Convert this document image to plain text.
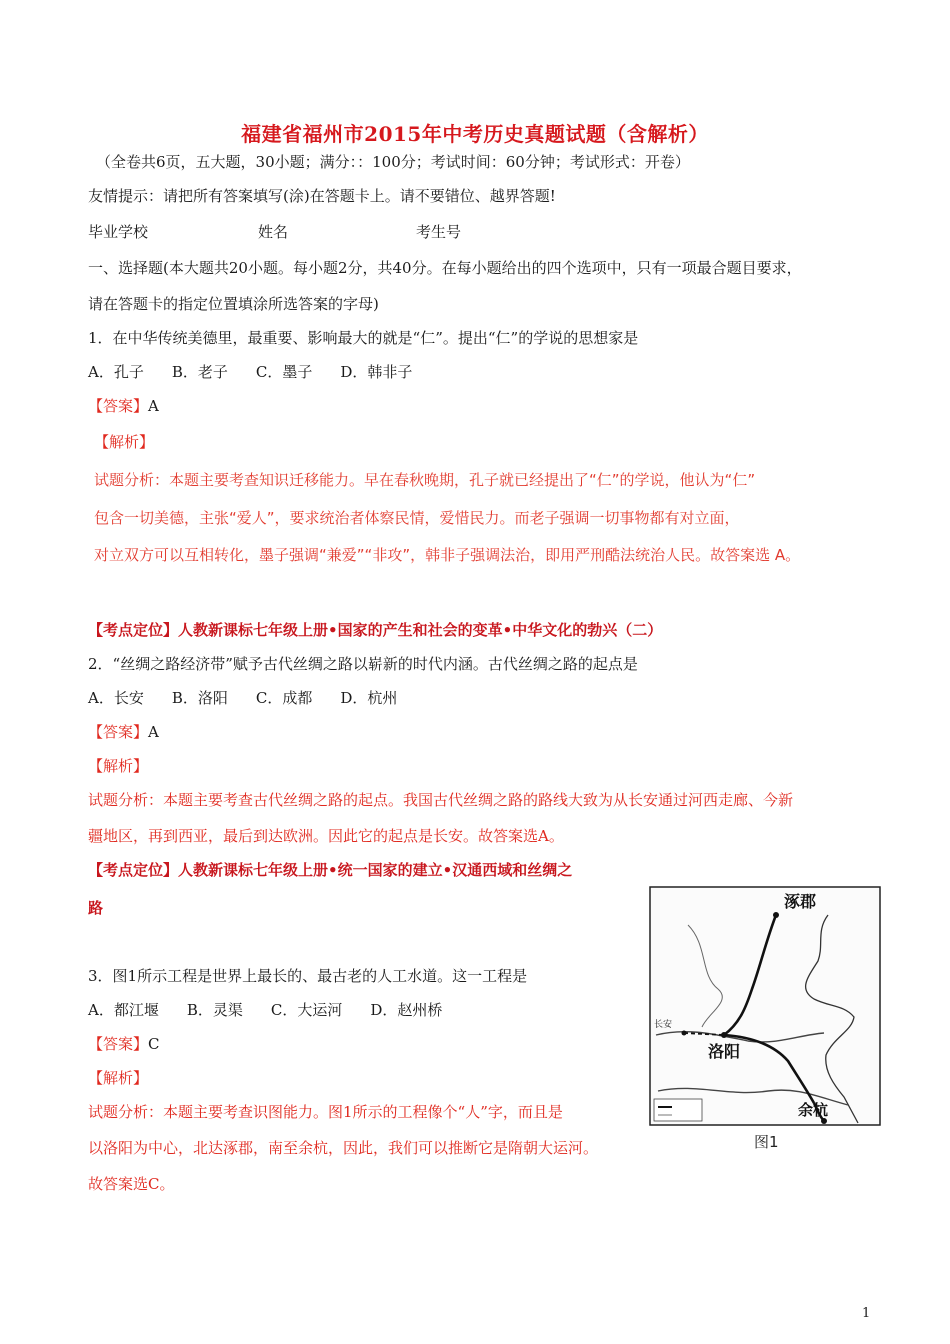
福建省福州市2015年中考历史真题试题（含解析）
（全卷共6页，五大题，30小题；满分：：100分；考试时间：60分钟；考试形式：开卷）
友情提示：请把所有答案填写(涂)在答题卡上。请不要错位、越界答题!
毕业学校	姓名	考生号
一、选择题(本大题共20小题。每小题2分，共40分。在每小题给出的四个选项中，只有一项最合题目要求，
请在答题卡的指定位置填涂所选答案的字母)
1．在中华传统美德里，最重要、影响最大的就是“仁”。提出“仁”的学说的思想家是
A．孔子 B．老子 C．墨子 D．韩非子
【答案】A
【解析】
试题分析：本题主要考查知识迁移能力。早在春秋晚期，孔子就已经提出了“仁”的学说，他认为“仁”
包含一切美德，主张“爱人”，要求统治者体察民情，爱惜民力。而老子强调一切事物都有对立面，
对立双方可以互相转化，墨子强调“兼爱”“非攻”，韩非子强调法治，即用严刑酷法统治人民。故答案选 A。
【考点定位】人教新课标七年级上册•国家的产生和社会的变革•中华文化的勃兴（二）
2．“丝绸之路经济带”赋予古代丝绸之路以崭新的时代内涵。古代丝绸之路的起点是
A．长安 B．洛阳 C．成都 D．杭州
【答案】A
【解析】
试题分析：本题主要考查古代丝绸之路的起点。我国古代丝绸之路的路线大致为从长安通过河西走廊、今新
疆地区，再到西亚，最后到达欧洲。因此它的起点是长安。故答案选A。
【考点定位】人教新课标七年级上册•统一国家的建立•汉通西域和丝绸之
路
3．图1所示工程是世界上最长的、最古老的人工水道。这一工程是
A．都江堰 B．灵渠 C．大运河 D．赵州桥
【答案】C
【解析】
试题分析：本题主要考查识图能力。图1所示的工程像个“人”字，而且是
以洛阳为中心，北达涿郡，南至余杭，因此，我们可以推断它是隋朝大运河。
故答案选C。
涿郡
洛阳
余杭
长安
图1
1
